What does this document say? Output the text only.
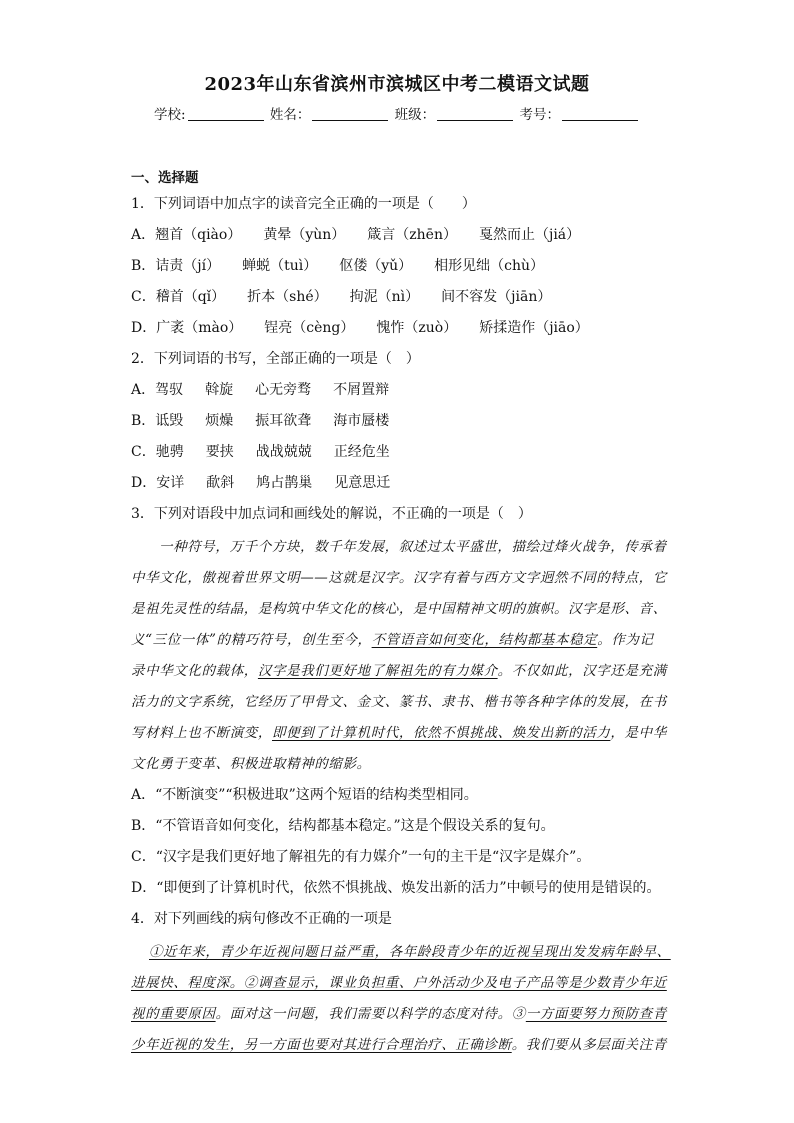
2023年山东省滨州市滨城区中考二模语文试题
学校:	姓名：	班级：	考号：
一、选择题
1．下列词语中加点字的读音完全正确的一项是（　　）
A．翘首（qiào） 黄晕（yùn） 箴言（zhēn） 戛然而止（jiá）
B．诘责（jí） 蝉蜕（tuì） 伛偻（yǔ） 相形见绌（chù）
C．稽首（qǐ） 折本（shé） 拘泥（nì） 间不容发（jiān）
D．广袤（mào） 锃亮（cèng） 愧怍（zuò） 矫揉造作（jiāo）
2．下列词语的书写，全部正确的一项是（　）
A．驾驭 斡旋 心无旁骛 不屑置辩
B．诋毁 烦燥 振耳欲聋 海市蜃楼
C．驰骋 要挟 战战兢兢 正经危坐
D．安详 歃斜 鸠占鹊巢 见意思迁
3．下列对语段中加点词和画线处的解说，不正确的一项是（　）
一种符号，万千个方块，数千年发展，叙述过太平盛世，描绘过烽火战争，传承着
中华文化，傲视着世界文明——这就是汉字。汉字有着与西方文字迥然不同的特点，它
是祖先灵性的结晶，是构筑中华文化的核心，是中国精神文明的旗帜。汉字是形、音、
义“三位一体”的精巧符号，创生至今，不管语音如何变化，结构都基本稳定。作为记
录中华文化的载体，汉字是我们更好地了解祖先的有力媒介。不仅如此，汉字还是充满
活力的文字系统，它经历了甲骨文、金文、篆书、隶书、楷书等各种字体的发展，在书
写材料上也不断演变，即便到了计算机时代，依然不惧挑战、焕发出新的活力，是中华
文化勇于变革、积极进取精神的缩影。
A．“不断演变”“积极进取”这两个短语的结构类型相同。
B．“不管语音如何变化，结构都基本稳定。”这是个假设关系的复句。
C．“汉字是我们更好地了解祖先的有力媒介”一句的主干是“汉字是媒介”。
D．“即便到了计算机时代，依然不惧挑战、焕发出新的活力”中顿号的使用是错误的。
4．对下列画线的病句修改不正确的一项是
①近年来，青少年近视问题日益严重，各年龄段青少年的近视呈现出发发病年龄早、
进展快、程度深。②调查显示，课业负担重、户外活动少及电子产品等是少数青少年近
视的重要原因。面对这一问题，我们需要以科学的态度对待。③一方面要努力预防查青
少年近视的发生，另一方面也要对其进行合理治疗、正确诊断。我们要从多层面关注青
